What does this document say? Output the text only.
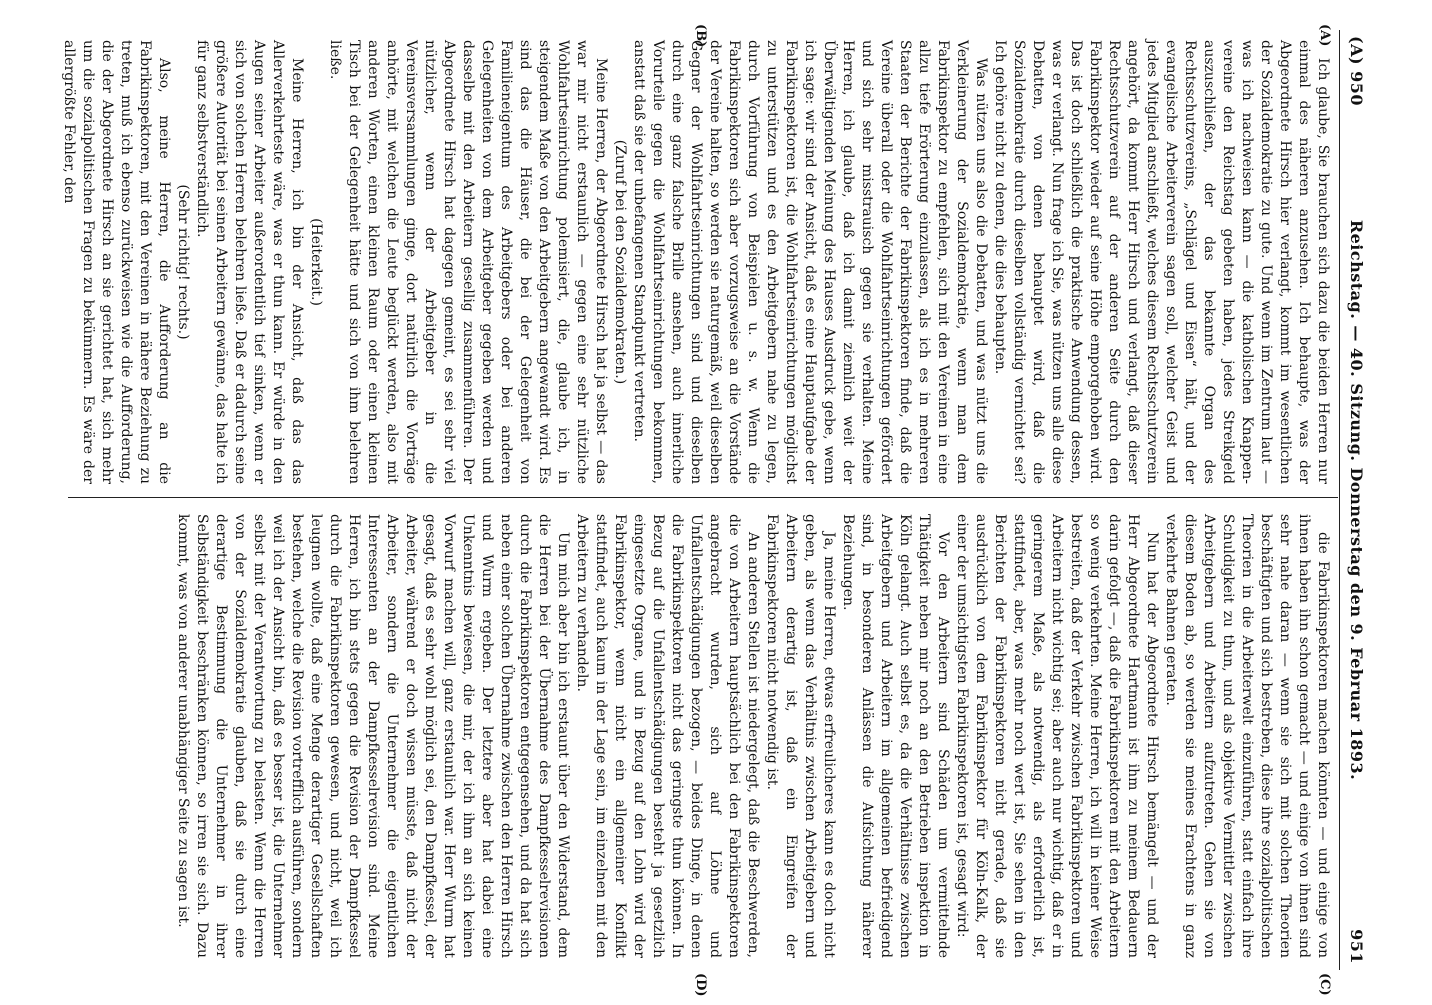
(A) 950
Reichstag. — 40. Sitzung. Donnerstag den 9. Februar 1893.
951
(A)
(B)
(C)
(D)

Ich glaube, Sie brauchen sich dazu die beiden Herren nur einmal des näheren anzusehen. Ich behaupte, was der Abgeordnete Hirsch hier verlangt, kommt im wesentlichen der Sozialdemokratie zu gute. Und wenn im Zentrum laut — was ich nachweisen kann — die katholischen Knappen-vereine den Reichstag gebeten haben, jedes Streikgeld auszuschließen, der das bekannte Organ des Rechtsschutzvereins, „Schlägel und Eisen“ hält, und der evangelische Arbeiterverein sagen soll, welcher Geist und jedes Mitglied anschließt, welches diesem Rechtsschutzverein angehört, da kommt Herr Hirsch und verlangt, daß dieser Rechtsschutzverein auf der anderen Seite durch den Fabrikinspektor wieder auf seine Höhe emporgehoben wird. Das ist doch schließlich die praktische Anwendung dessen, was er verlangt. Nun frage ich Sie, was nützen uns alle diese Debatten, von denen behauptet wird, daß die Sozialdemokratie durch dieselben vollständig vernichtet sei? Ich gehöre nicht zu denen, die dies behaupten.

Was nützen uns also die Debatten, und was nützt uns die Verkleinerung der Sozialdemokratie, wenn man dem Fabrikinspektor zu empfehlen, sich mit den Vereinen in eine allzu tiefe Erörterung einzulassen, als ich es in mehreren Staaten der Berichte der Fabrikinspektoren finde, daß die Vereine überall oder die Wohlfahrtseinrichtungen gefördert und sich sehr misstrauisch gegen sie verhalten. Meine Herren, ich glaube, daß ich damit ziemlich weit der Überwältigenden Meinung des Hauses Ausdruck gebe, wenn ich sage: wir sind der Ansicht, daß es eine Hauptaufgabe der Fabrikinspektoren ist, die Wohlfahrtseinrichtungen möglichst zu unterstützen und es den Arbeitgebern nahe zu legen, durch Vorführung von Beispielen u. s. w. Wenn die Fabrikinspektoren sich aber vorzugsweise an die Vorstände der Vereine halten, so werden sie naturgemäß, weil dieselben Gegner der Wohlfahrtseinrichtungen sind und dieselben durch eine ganz falsche Brille ansehen, auch innerliche Vorurteile gegen die Wohlfahrtseinrichtungen bekommen, anstatt daß sie der unbefangenen Standpunkt vertreten.

(Zuruf bei den Sozialdemokraten.)

Meine Herren, der Abgeordnete Hirsch hat ja selbst — das war mir nicht erstaunlich — gegen eine sehr nützliche Wohlfahrtseinrichtung polemisiert, die, glaube ich, in steigendem Maße von den Arbeitgebern angewandt wird. Es sind das die Häuser, die bei der Gelegenheit von Familieneigentum des Arbeitgebers oder bei anderen Gelegenheiten von dem Arbeitgeber gegeben werden und dasselbe mit den Arbeitern gesellig zusammenführen. Der Abgeordnete Hirsch hat dagegen gemeint, es sei sehr viel nützlicher, wenn der Arbeitgeber in die Vereinsversammlungen ginge, dort natürlich die Vorträge anhörte, mit welchen die Leute beglückt werden, also mit anderen Worten, einen kleinen Raum oder einen kleinen Tisch bei der Gelegenheit hätte und sich von ihm belehren ließe.

(Heiterkeit.)

Meine Herren, ich bin der Ansicht, daß das das Allerverkehrteste wäre, was er thun kann. Er würde in den Augen seiner Arbeiter außerordentlich tief sinken, wenn er sich von solchen Herren belehren ließe. Daß er dadurch seine größere Autorität bei seinen Arbeitern gewänne, das halte ich für ganz selbstverständlich.

(Sehr richtig! rechts.)

Also, meine Herren, die Aufforderung an die Fabrikinspektoren, mit den Vereinen in nähere Beziehung zu treten, muß ich ebenso zurückweisen wie die Aufforderung, die der Abgeordnete Hirsch an sie gerichtet hat, sich mehr um die sozialpolitischen Fragen zu bekümmern. Es wäre der allergrößte Fehler, den

die Fabrikinspektoren machen könnten — und einige von ihnen haben ihn schon gemacht — und einige von ihnen sind sehr nahe daran — wenn sie sich mit solchen Theorien beschäftigten und sich bestreben, diese ihre sozialpolitischen Theorien in die Arbeiterwelt einzuführen, statt einfach ihre Schuldigkeit zu thun, und als objektive Vermittler zwischen Arbeitgebern und Arbeitern aufzutreten. Gehen sie von diesem Boden ab, so werden sie meines Erachtens in ganz verkehrte Bahnen geraten.

Nun hat der Abgeordnete Hirsch bemängelt — und der Herr Abgeordnete Hartmann ist ihm zu meinem Bedauern darin gefolgt —, daß die Fabrikinspektoren mit den Arbeitern so wenig verkehrten. Meine Herren, ich will in keiner Weise bestreiten, daß der Verkehr zwischen Fabrikinspektoren und Arbeitern nicht wichtig sei; aber auch nur wichtig, daß er in geringerem Maße, als notwendig, als erforderlich ist, stattfindet, aber, was mehr noch wert ist, Sie sehen in den Berichten der Fabrikinspektoren nicht gerade, daß sie ausdrücklich von dem Fabrikinspektor für Köln-Kalk, der einer der umsichtigsten Fabrikinspektoren ist, gesagt wird:

Vor den Arbeitern sind Schäden um vermittelnde Thätigkeit neben mir noch an den Betrieben inspektion in Köln gelangt. Auch selbst es, da die Verhältnisse zwischen Arbeitgebern und Arbeitern im allgemeinen befriedigend sind, in besonderen Anlässen die Aufsichtung näherer Beziehungen.

Ja, meine Herren, etwas erfreulicheres kann es doch nicht geben, als wenn das Verhältnis zwischen Arbeitgebern und Arbeitern derartig ist, daß ein Eingreifen der Fabrikinspektoren nicht notwendig ist.

An anderen Stellen ist niedergelegt, daß die Beschwerden, die von Arbeitern hauptsächlich bei den Fabrikinspektoren angebracht wurden, sich auf Löhne und Unfallentschädigungen bezogen, — beides Dinge, in denen die Fabrikinspektoren nicht das geringste thun können. In Bezug auf die Unfallentschädigungen besteht ja gesetzlich eingesetzte Organe, und in Bezug auf den Lohn wird der Fabrikinspektor, wenn nicht ein allgemeiner Konflikt stattfindet, auch kaum in der Lage sein, im einzelnen mit den Arbeitern zu verhandeln.

Um mich aber bin ich erstaunt über den Widerstand, dem die Herren bei der Übernahme des Dampfkesselrevisionen durch die Fabrikinspektoren entgegensehen, und da hat sich neben einer solchen Übernahme zwischen den Herren Hirsch und Wurm ergeben. Der letztere aber hat dabei eine Unkenntnis bewiesen, die mir, der ich ihm an sich keinen Vorwurf machen will, ganz erstaunlich war. Herr Wurm hat gesagt, daß es sehr wohl möglich sei, den Dampfkessel, der Arbeiter, während er doch wissen müsste, daß nicht der Arbeiter, sondern die Unternehmer die eigentlichen Interessenten an der Dampfkesselrevision sind. Meine Herren, ich bin stets gegen die Revision der Dampfkessel durch die Fabrikinspektoren gewesen, und nicht, weil ich leugnen wollte, daß eine Menge derartiger Gesellschaften bestehen, welche die Revision vortrefflich ausführen, sondern weil ich der Ansicht bin, daß es besser ist, die Unternehmer selbst mit der Verantwortung zu belasten. Wenn die Herren von der Sozialdemokratie glauben, daß sie durch eine derartige Bestimmung die Unternehmer in ihrer Selbständigkeit beschränken können, so irren sie sich. Dazu kommt, was von anderer unabhängiger Seite zu sagen ist.
